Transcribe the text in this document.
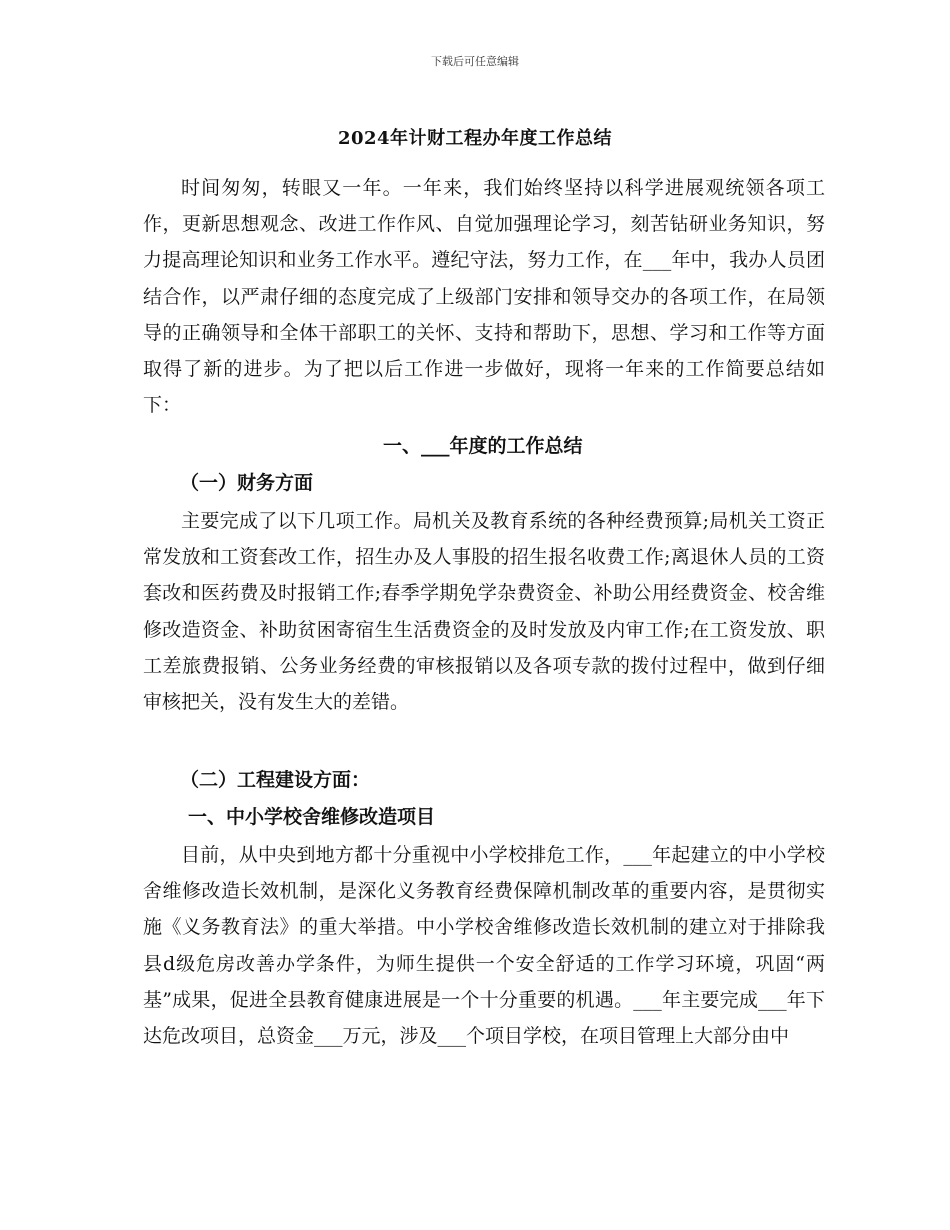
下载后可任意编辑
2024年计财工程办年度工作总结
时间匆匆，转眼又一年。一年来，我们始终坚持以科学进展观统领各项工作，更新思想观念、改进工作作风、自觉加强理论学习，刻苦钻研业务知识，努力提高理论知识和业务工作水平。遵纪守法，努力工作，在___年中，我办人员团结合作，以严肃仔细的态度完成了上级部门安排和领导交办的各项工作，在局领导的正确领导和全体干部职工的关怀、支持和帮助下，思想、学习和工作等方面取得了新的进步。为了把以后工作进一步做好，现将一年来的工作简要总结如下：
一、___年度的工作总结
（一）财务方面
主要完成了以下几项工作。局机关及教育系统的各种经费预算;局机关工资正常发放和工资套改工作，招生办及人事股的招生报名收费工作;离退休人员的工资套改和医药费及时报销工作;春季学期免学杂费资金、补助公用经费资金、校舍维修改造资金、补助贫困寄宿生生活费资金的及时发放及内审工作;在工资发放、职工差旅费报销、公务业务经费的审核报销以及各项专款的拨付过程中，做到仔细审核把关，没有发生大的差错。
（二）工程建设方面：
一、中小学校舍维修改造项目
目前，从中央到地方都十分重视中小学校排危工作，___年起建立的中小学校舍维修改造长效机制，是深化义务教育经费保障机制改革的重要内容，是贯彻实施《义务教育法》的重大举措。中小学校舍维修改造长效机制的建立对于排除我县d级危房改善办学条件，为师生提供一个安全舒适的工作学习环境，巩固“两基”成果，促进全县教育健康进展是一个十分重要的机遇。___年主要完成___年下达危改项目，总资金___万元，涉及___个项目学校，在项目管理上大部分由中
